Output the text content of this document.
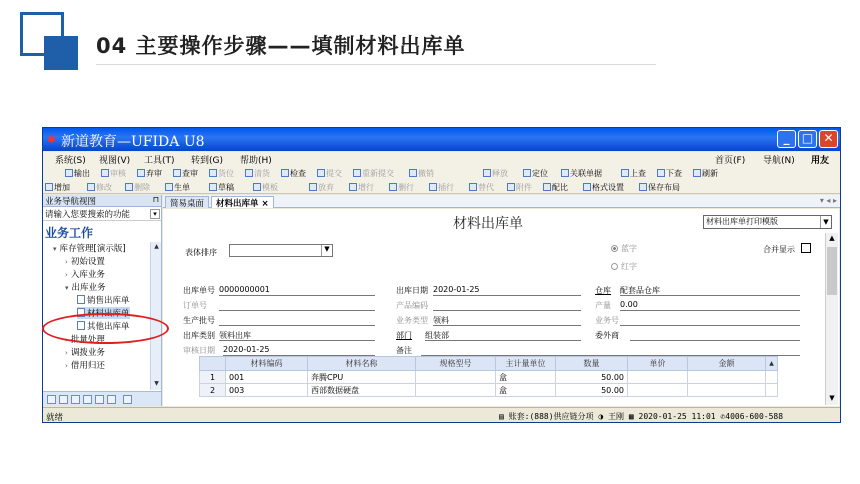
04 主要操作步骤——填制材料出库单
✱ 新道教育—UFIDA U8	_	□ ✕
系统(S) 视图(V) 工具(T) 转到(G) 帮助(H)	首页(F) 导航(N) 用友
输出	审核	弃审	查审	货位	清货	检查	提交	重新提交	撤销	释放	定位	关联单据	上查	下查	刷新
增加	修改	删除	生单	草稿	模板	放弃	增行	删行	插行	替代	附件	配比	格式设置	保存布局
业务导航视图	⊓
请输入您要搜索的功能	▾
业务工作
▾ 库存管理[演示版]
› 初始设置
› 入库业务
▾ 出库业务
销售出库单
材料出库单
其他出库单
› 批量处理
› 调拨业务
› 借用归还
▲
▼
简易桌面	材料出库单 ×	▾ ◂ ▸
材料出库单	材料出库单打印模版	▼
表体排序	▼	蓝字
红字
合并显示
出库单号 0000000001	出库日期 2020-01-25	仓库 配套品仓库
订单号	产品编码	产量 0.00
生产批号	业务类型 领料	业务号
出库类别 领料出库	部门 组装部	委外商
审核日期 2020-01-25	备注
	材料编码	材料名称	规格型号	主计量单位	数量	单价	金额	▲
1	001	奔腾CPU		盒	50.00			
2	003	西部数据硬盘		盒	50.00			
▲
▼
就绪	▤ 账套:(888)供应链分项 ◑ 王刚 ▦ 2020-01-25 11:01 ✆4006-600-588
